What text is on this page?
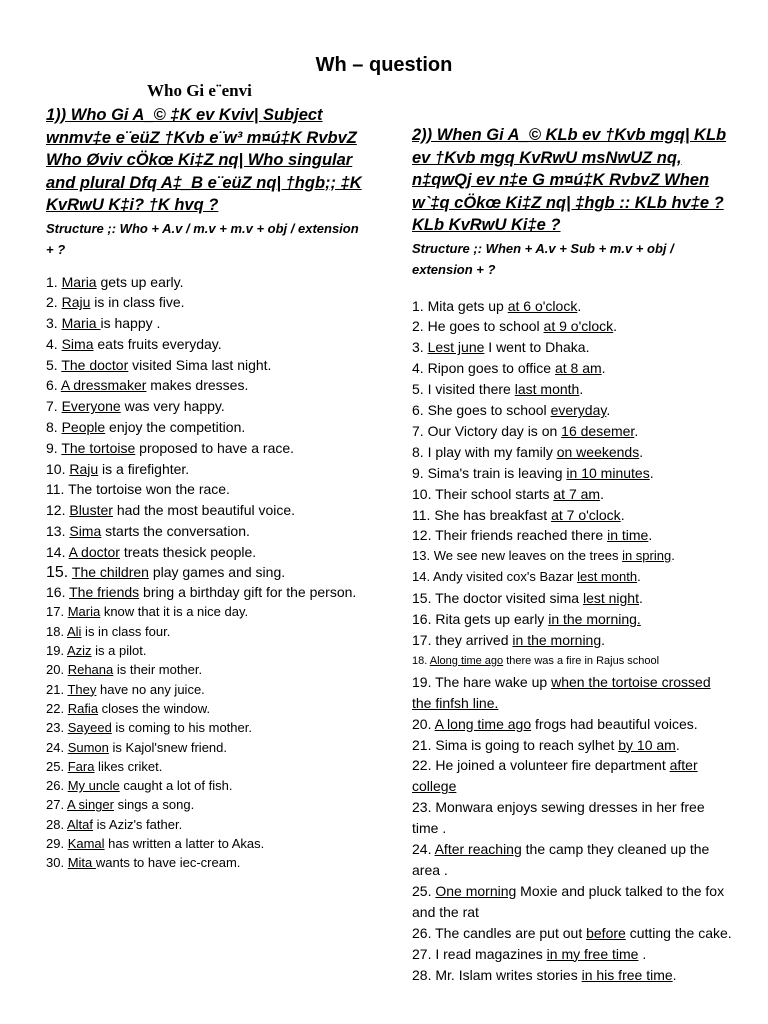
Wh – question
Who Gi e¨envi
1)) Who Gi A_© ‡K ev Kviv| Subject wnmv‡e e¨eüZ †Kvb e¨w³ m¤ú‡K RvbvZ Who Øviv cÖkœ Ki‡Z nq| Who singular and plural Dfq A‡_B e¨eüZ nq| †hgb;; ‡K KvRwU K‡i? †K hvq ?
Structure ;: Who + A.v / m.v + m.v + obj / extension + ?
1. Maria gets up early.
2. Raju is in class five.
3. Maria is happy .
4. Sima eats fruits everyday.
5. The doctor visited Sima last night.
6. A dressmaker makes dresses.
7. Everyone was very happy.
8. People enjoy the competition.
9. The tortoise proposed to have a race.
10. Raju is a firefighter.
11. The tortoise won the race.
12. Bluster had the most beautiful voice.
13. Sima starts the conversation.
14. A doctor treats thesick people.
15. The children play games and sing.
16. The friends bring a birthday gift for the person.
17. Maria know that it is a nice day.
18. Ali is in class four.
19. Aziz is a pilot.
20. Rehana is their mother.
21. They have no any juice.
22. Rafia closes the window.
23. Sayeed is coming to his mother.
24. Sumon is Kajol'snew friend.
25. Fara likes criket.
26. My uncle caught a lot of fish.
27. A singer sings a song.
28. Altaf is Aziz's father.
29. Kamal has written a latter to Akas.
30. Mita wants to have iec-cream.
2)) When Gi A_© KLb ev †Kvb mgq| KLb ev †Kvb mgq KvRwU msNwUZ nq, n‡qwQj ev n‡e G m¤ú‡K RvbvZ When w`‡q cÖkœ Ki‡Z nq| ‡hgb :: KLb hv‡e ? KLb KvRwU Ki‡e ?
Structure ;: When + A.v + Sub + m.v + obj / extension + ?
1. Mita gets up at 6 o'clock.
2. He goes to school at 9 o'clock.
3. Lest june I went to Dhaka.
4. Ripon goes to office at 8 am.
5. I visited there last month.
6. She goes to school everyday.
7. Our Victory day is on 16 desemer.
8. I play with my family on weekends.
9. Sima's train is leaving in 10 minutes.
10. Their school starts at 7 am.
11. She has breakfast at 7 o'clock.
12. Their friends reached there in time.
13. We see new leaves on the trees in spring.
14. Andy visited cox's Bazar lest month.
15. The doctor visited sima lest night.
16. Rita gets up early in the morning.
17. they arrived in the morning.
18. Along time ago there was a fire in Rajus school
19. The hare wake up when the tortoise crossed the finfsh line.
20. A long time ago frogs had beautiful voices.
21. Sima is going to reach sylhet by 10 am.
22. He joined a volunteer fire department after college
23. Monwara enjoys sewing dresses in her free time .
24. After reaching the camp they cleaned up the area .
25. One morning Moxie and pluck talked to the fox and the rat
26. The candles are put out before cutting the cake.
27. I read magazines in my free time .
28. Mr. Islam writes stories in his free time.
